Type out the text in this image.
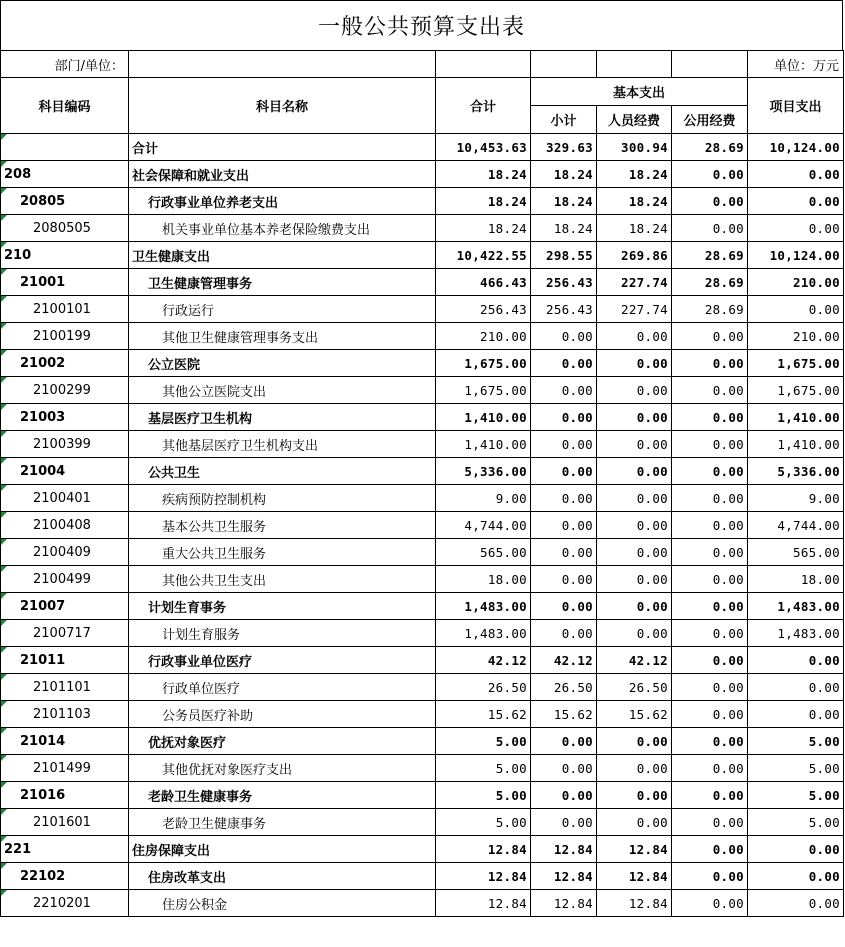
一般公共预算支出表
部门/单位：						单位：万元
科目编码	科目名称	合计	基本支出			项目支出
			小计	人员经费	公用经费	
	合计	10,453.63	329.63	300.94	28.69	10,124.00
208	社会保障和就业支出	18.24	18.24	18.24	0.00	0.00
20805	行政事业单位养老支出	18.24	18.24	18.24	0.00	0.00
2080505	机关事业单位基本养老保险缴费支出	18.24	18.24	18.24	0.00	0.00
210	卫生健康支出	10,422.55	298.55	269.86	28.69	10,124.00
21001	卫生健康管理事务	466.43	256.43	227.74	28.69	210.00
2100101	行政运行	256.43	256.43	227.74	28.69	0.00
2100199	其他卫生健康管理事务支出	210.00	0.00	0.00	0.00	210.00
21002	公立医院	1,675.00	0.00	0.00	0.00	1,675.00
2100299	其他公立医院支出	1,675.00	0.00	0.00	0.00	1,675.00
21003	基层医疗卫生机构	1,410.00	0.00	0.00	0.00	1,410.00
2100399	其他基层医疗卫生机构支出	1,410.00	0.00	0.00	0.00	1,410.00
21004	公共卫生	5,336.00	0.00	0.00	0.00	5,336.00
2100401	疾病预防控制机构	9.00	0.00	0.00	0.00	9.00
2100408	基本公共卫生服务	4,744.00	0.00	0.00	0.00	4,744.00
2100409	重大公共卫生服务	565.00	0.00	0.00	0.00	565.00
2100499	其他公共卫生支出	18.00	0.00	0.00	0.00	18.00
21007	计划生育事务	1,483.00	0.00	0.00	0.00	1,483.00
2100717	计划生育服务	1,483.00	0.00	0.00	0.00	1,483.00
21011	行政事业单位医疗	42.12	42.12	42.12	0.00	0.00
2101101	行政单位医疗	26.50	26.50	26.50	0.00	0.00
2101103	公务员医疗补助	15.62	15.62	15.62	0.00	0.00
21014	优抚对象医疗	5.00	0.00	0.00	0.00	5.00
2101499	其他优抚对象医疗支出	5.00	0.00	0.00	0.00	5.00
21016	老龄卫生健康事务	5.00	0.00	0.00	0.00	5.00
2101601	老龄卫生健康事务	5.00	0.00	0.00	0.00	5.00
221	住房保障支出	12.84	12.84	12.84	0.00	0.00
22102	住房改革支出	12.84	12.84	12.84	0.00	0.00
2210201	住房公积金	12.84	12.84	12.84	0.00	0.00
